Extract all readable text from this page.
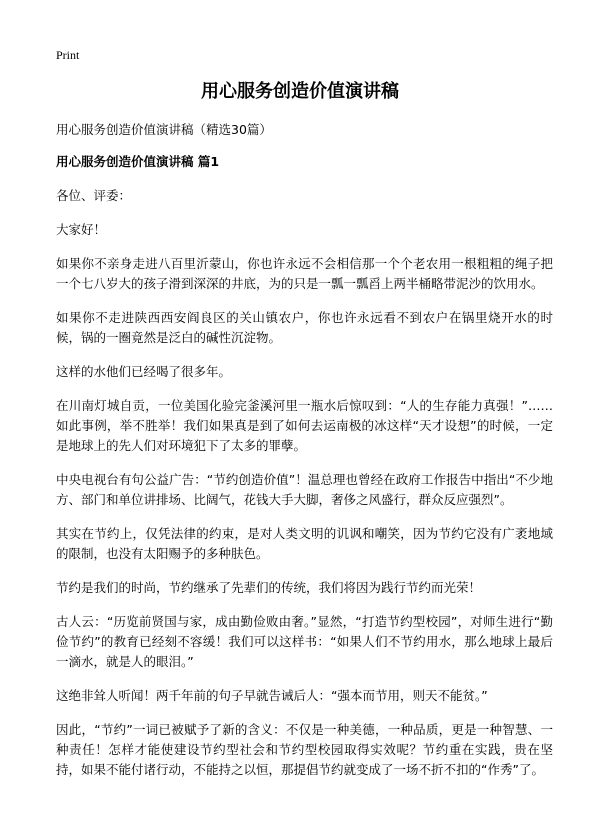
Print
用心服务创造价值演讲稿

用心服务创造价值演讲稿（精选30篇）

用心服务创造价值演讲稿 篇1

各位、评委：

大家好！

如果你不亲身走进八百里沂蒙山，你也许永远不会相信那一个个老农用一根粗粗的绳子把一个七八岁大的孩子滑到深深的井底，为的只是一瓢一瓢舀上两半桶略带泥沙的饮用水。

如果你不走进陕西西安阎良区的关山镇农户，你也许永远看不到农户在锅里烧开水的时候，锅的一圈竟然是泛白的碱性沉淀物。

这样的水他们已经喝了很多年。

在川南灯城自贡，一位美国化验完釜溪河里一瓶水后惊叹到：“人的生存能力真强！”……如此事例，举不胜举！我们如果真是到了如何去运南极的冰这样“天才设想”的时候，一定是地球上的先人们对环境犯下了太多的罪孽。

中央电视台有句公益广告：“节约创造价值”！温总理也曾经在政府工作报告中指出“不少地方、部门和单位讲排场、比阔气，花钱大手大脚，奢侈之风盛行，群众反应强烈”。

其实在节约上，仅凭法律的约束，是对人类文明的讥讽和嘲笑，因为节约它没有广袤地域的限制，也没有太阳赐予的多种肤色。

节约是我们的时尚，节约继承了先辈们的传统，我们将因为践行节约而光荣！

古人云：“历览前贤国与家，成由勤俭败由奢。”显然，“打造节约型校园”，对师生进行“勤俭节约”的教育已经刻不容缓！我们可以这样书：“如果人们不节约用水，那么地球上最后一滴水，就是人的眼泪。”

这绝非耸人听闻！两千年前的句子早就告诫后人：“强本而节用，则天不能贫。”

因此，“节约”一词已被赋予了新的含义：不仅是一种美德，一种品质，更是一种智慧、一种责任！怎样才能使建设节约型社会和节约型校园取得实效呢？节约重在实践，贵在坚持，如果不能付诸行动，不能持之以恒，那提倡节约就变成了一场不折不扣的“作秀”了。
